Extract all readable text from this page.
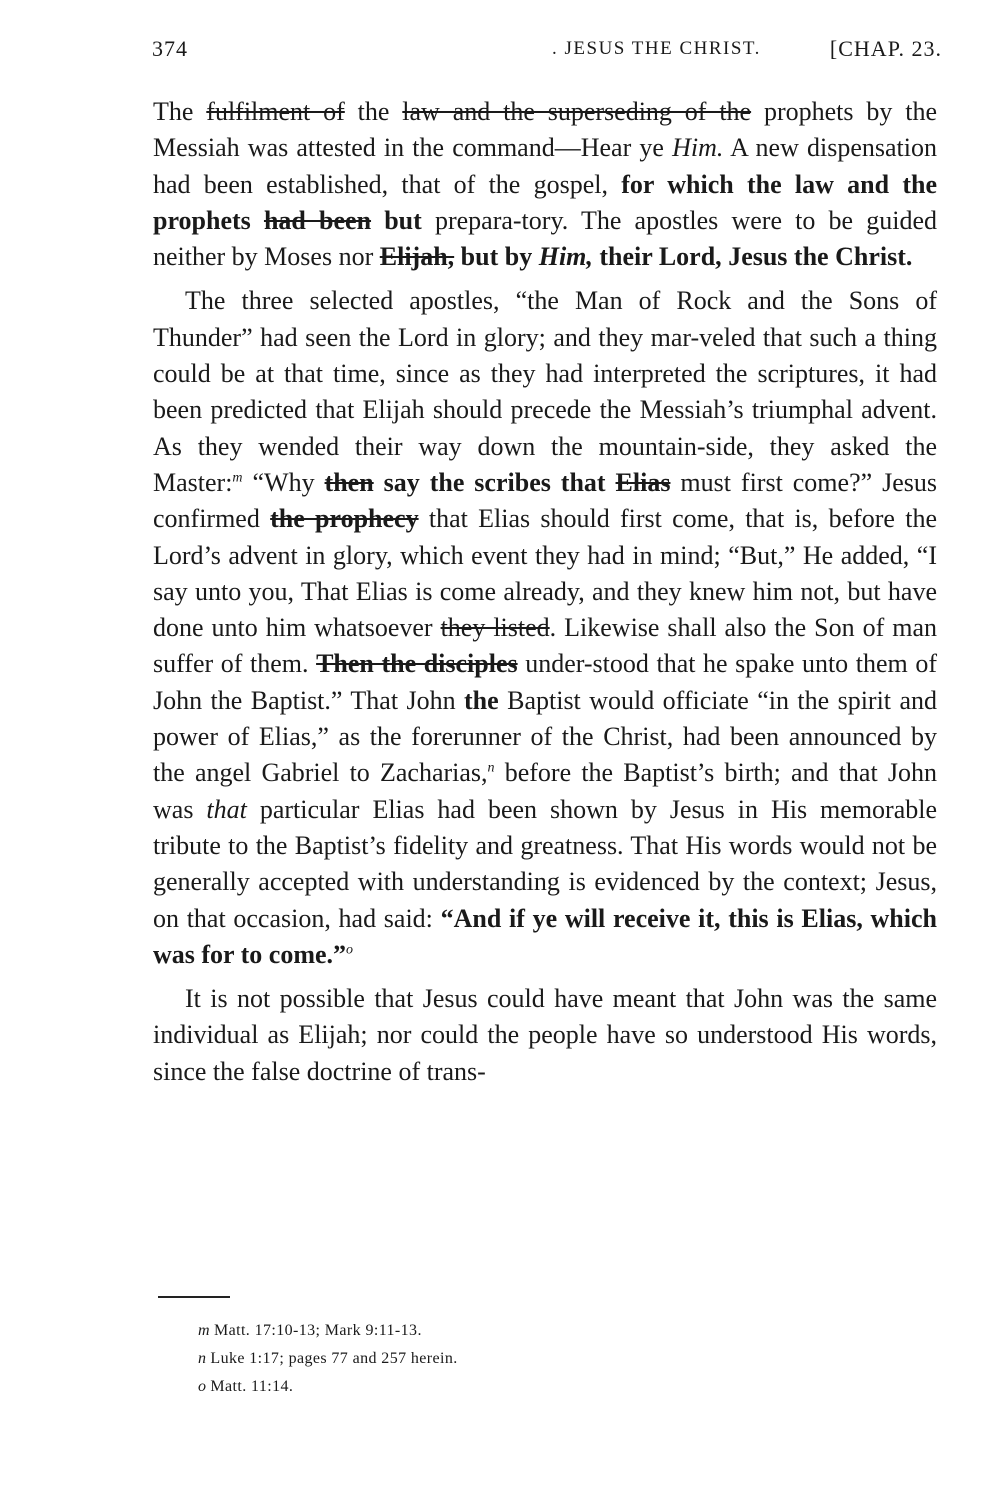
374	. JESUS THE CHRIST.	[CHAP. 23.

The fulfilment of the law and the superseding of the prophets by the Messiah was attested in the command—Hear ye Him. A new dispensation had been established, that of the gospel, for which the law and the prophets had been but prepara-tory. The apostles were to be guided neither by Moses nor Elijah, but by Him, their Lord, Jesus the Christ.

The three selected apostles, “the Man of Rock and the Sons of Thunder” had seen the Lord in glory; and they mar-veled that such a thing could be at that time, since as they had interpreted the scriptures, it had been predicted that Elijah should precede the Messiah’s triumphal advent. As they wended their way down the mountain-side, they asked the Master:$^m$ “Why then say the scribes that Elias must first come?” Jesus confirmed the prophecy that Elias should first come, that is, before the Lord’s advent in glory, which event they had in mind; “But,” He added, “I say unto you, That Elias is come already, and they knew him not, but have done unto him whatsoever they listed. Likewise shall also the Son of man suffer of them. Then the disciples under-stood that he spake unto them of John the Baptist.” That John the Baptist would officiate “in the spirit and power of Elias,” as the forerunner of the Christ, had been announced by the angel Gabriel to Zacharias,$^n$ before the Baptist’s birth; and that John was that particular Elias had been shown by Jesus in His memorable tribute to the Baptist’s fidelity and greatness. That His words would not be generally accepted with understanding is evidenced by the context; Jesus, on that occasion, had said: “And if ye will receive it, this is Elias, which was for to come.”$^o$

It is not possible that Jesus could have meant that John was the same individual as Elijah; nor could the people have so understood His words, since the false doctrine of trans-

m Matt. 17:10-13; Mark 9:11-13.
n Luke 1:17; pages 77 and 257 herein.
o Matt. 11:14.
